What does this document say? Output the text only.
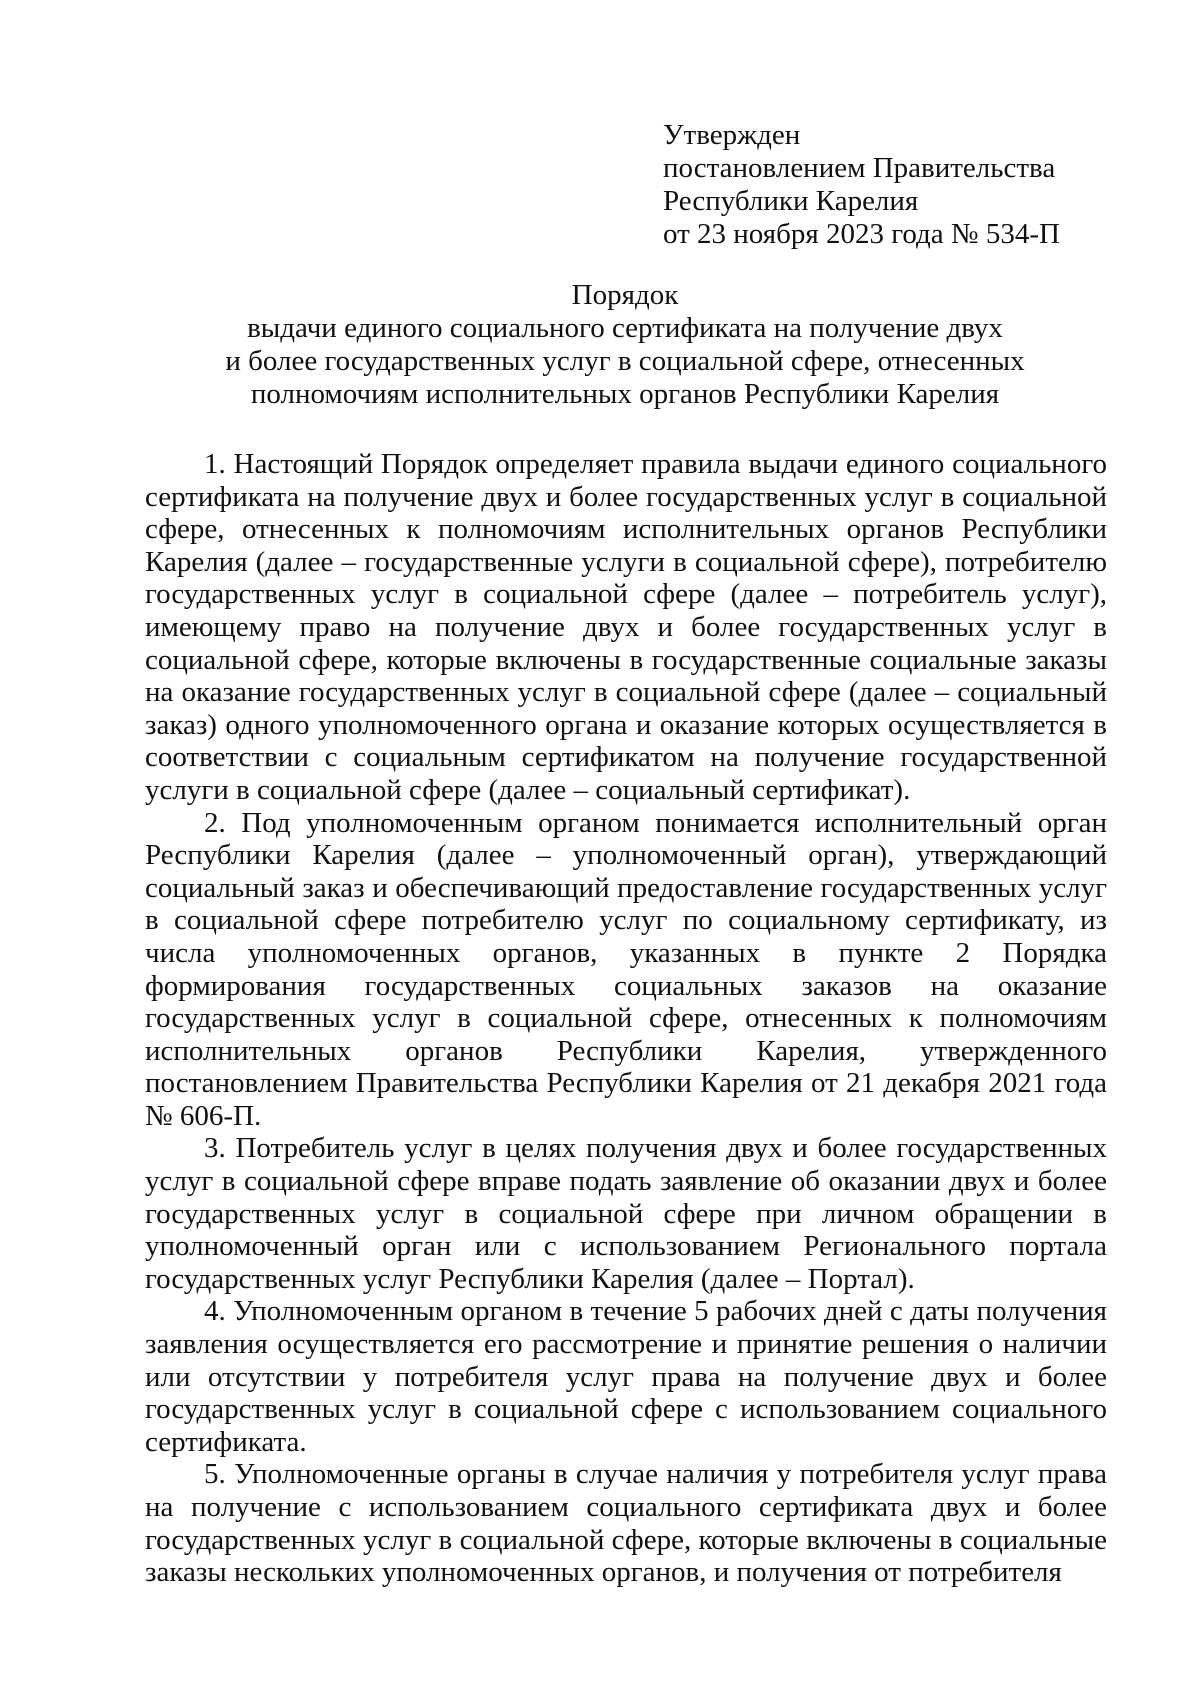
Утвержден
постановлением Правительства
Республики Карелия
от 23 ноября 2023 года № 534-П
Порядок
выдачи единого социального сертификата на получение двух
и более государственных услуг в социальной сфере, отнесенных
полномочиям исполнительных органов Республики Карелия

1. Настоящий Порядок определяет правила выдачи единого социального сертификата на получение двух и более государственных услуг в социальной сфере, отнесенных к полномочиям исполнительных органов Республики Карелия (далее – государственные услуги в социальной сфере), потребителю государственных услуг в социальной сфере (далее – потребитель услуг), имеющему право на получение двух и более государственных услуг в социальной сфере, которые включены в государственные социальные заказы на оказание государственных услуг в социальной сфере (далее – социальный заказ) одного уполномоченного органа и оказание которых осуществляется в соответствии с социальным сертификатом на получение государственной услуги в социальной сфере (далее – социальный сертификат).

2. Под уполномоченным органом понимается исполнительный орган Республики Карелия (далее – уполномоченный орган), утверждающий социальный заказ и обеспечивающий предоставление государственных услуг в социальной сфере потребителю услуг по социальному сертификату, из числа уполномоченных органов, указанных в пункте 2 Порядка формирования государственных социальных заказов на оказание государственных услуг в социальной сфере, отнесенных к полномочиям исполнительных органов Республики Карелия, утвержденного постановлением Правительства Республики Карелия от 21 декабря 2021 года № 606-П.

3. Потребитель услуг в целях получения двух и более государственных услуг в социальной сфере вправе подать заявление об оказании двух и более государственных услуг в социальной сфере при личном обращении в уполномоченный орган или с использованием Регионального портала государственных услуг Республики Карелия (далее – Портал).

4. Уполномоченным органом в течение 5 рабочих дней с даты получения заявления осуществляется его рассмотрение и принятие решения о наличии или отсутствии у потребителя услуг права на получение двух и более государственных услуг в социальной сфере с использованием социального сертификата.

5. Уполномоченные органы в случае наличия у потребителя услуг права на получение с использованием социального сертификата двух и более государственных услуг в социальной сфере, которые включены в социальные заказы нескольких уполномоченных органов, и получения от потребителя
